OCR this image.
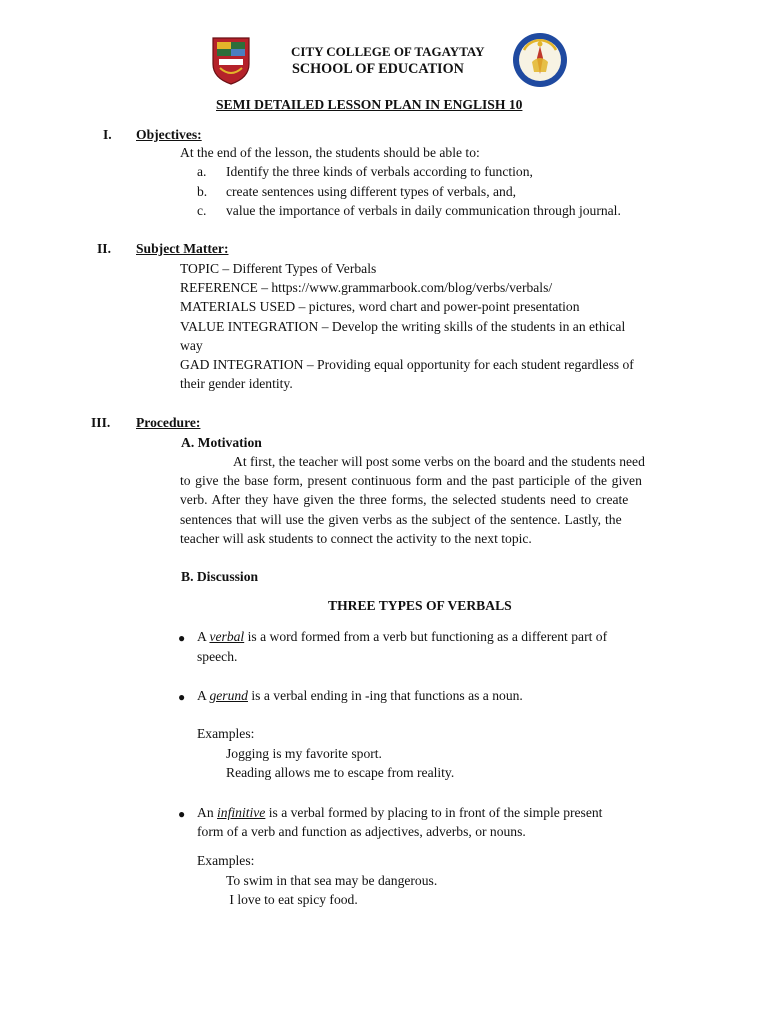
CITY COLLEGE OF TAGAYTAY
SCHOOL OF EDUCATION
SEMI DETAILED LESSON PLAN IN ENGLISH 10
I. Objectives:
At the end of the lesson, the students should be able to:
a. Identify the three kinds of verbals according to function,
b. create sentences using different types of verbals, and,
c. value the importance of verbals in daily communication through journal.
II. Subject Matter:
TOPIC – Different Types of Verbals
REFERENCE – https://www.grammarbook.com/blog/verbs/verbals/
MATERIALS USED – pictures, word chart and power-point presentation
VALUE INTEGRATION – Develop the writing skills of the students in an ethical
way
GAD INTEGRATION – Providing equal opportunity for each student regardless of
their gender identity.
III. Procedure:
A. Motivation
At first, the teacher will post some verbs on the board and the students need
to give the base form, present continuous form and the past participle of the given
verb. After they have given the three forms, the selected students need to create
sentences that will use the given verbs as the subject of the sentence. Lastly, the
teacher will ask students to connect the activity to the next topic.
B. Discussion
THREE TYPES OF VERBALS
● A verbal is a word formed from a verb but functioning as a different part of
speech.
● A gerund is a verbal ending in -ing that functions as a noun.
Examples:
Jogging is my favorite sport.
Reading allows me to escape from reality.
● An infinitive is a verbal formed by placing to in front of the simple present
form of a verb and function as adjectives, adverbs, or nouns.
Examples:
To swim in that sea may be dangerous.
I love to eat spicy food.
